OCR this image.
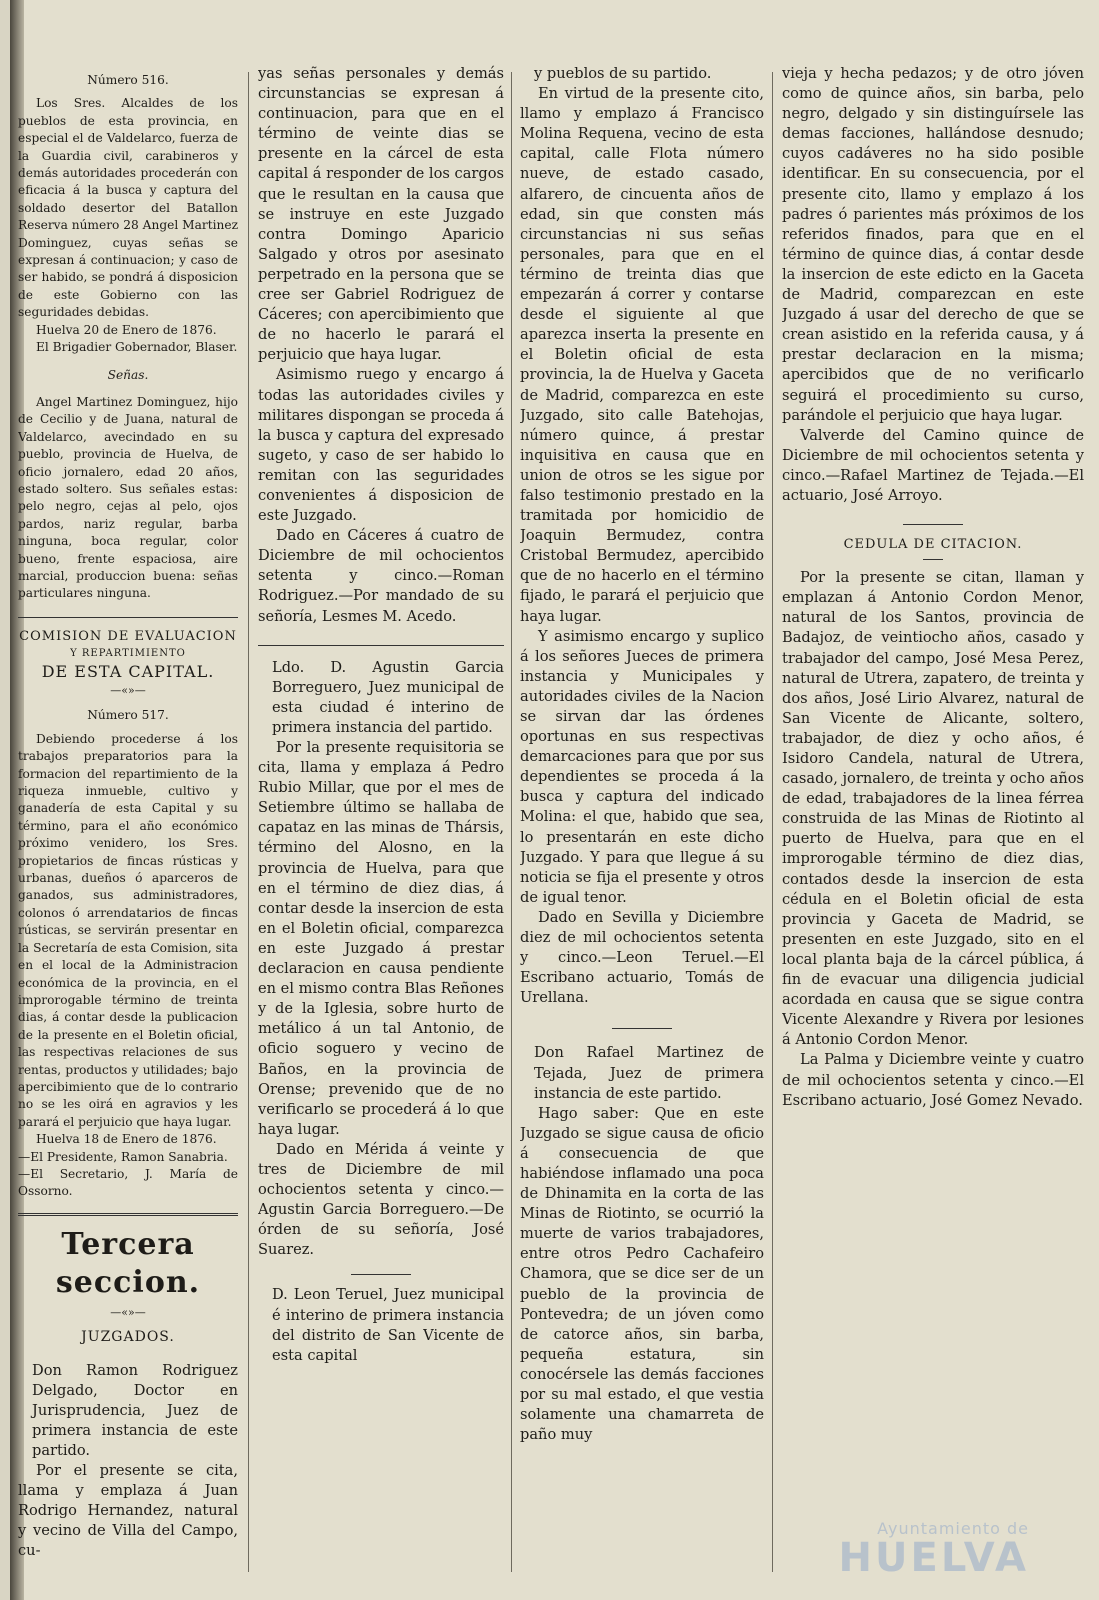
Número 516.

Los Sres. Alcaldes de los pueblos de esta provincia, en especial el de Valdelarco, fuerza de la Guardia civil, carabineros y demás autoridades procederán con eficacia á la busca y captura del soldado desertor del Batallon Reserva número 28 Angel Martinez Dominguez, cuyas señas se expresan á continuacion; y caso de ser habido, se pondrá á disposicion de este Gobierno con las seguridades debidas.

Huelva 20 de Enero de 1876.

El Brigadier Gobernador, Blaser.

Señas.

Angel Martinez Dominguez, hijo de Cecilio y de Juana, natural de Valdelarco, avecindado en su pueblo, provincia de Huelva, de oficio jornalero, edad 20 años, estado soltero. Sus señales estas: pelo negro, cejas al pelo, ojos pardos, nariz regular, barba ninguna, boca regular, color bueno, frente espaciosa, aire marcial, produccion buena: señas particulares ninguna.

COMISION DE EVALUACION

Y REPARTIMIENTO

DE ESTA CAPITAL.

—«»—

Número 517.

Debiendo procederse á los trabajos preparatorios para la formacion del repartimiento de la riqueza inmueble, cultivo y ganadería de esta Capital y su término, para el año económico próximo venidero, los Sres. propietarios de fincas rústicas y urbanas, dueños ó aparceros de ganados, sus administradores, colonos ó arrendatarios de fincas rústicas, se servirán presentar en la Secretaría de esta Comision, sita en el local de la Administracion económica de la provincia, en el improrogable término de treinta dias, á contar desde la publicacion de la presente en el Boletin oficial, las respectivas relaciones de sus rentas, productos y utilidades; bajo apercibimiento que de lo contrario no se les oirá en agravios y les parará el perjuicio que haya lugar.

Huelva 18 de Enero de 1876.

—El Presidente, Ramon Sanabria.

—El Secretario, J. María de Ossorno.

Tercera seccion.

—«»—

JUZGADOS.

Don Ramon Rodriguez Delgado, Doctor en Jurisprudencia, Juez de primera instancia de este partido.

Por el presente se cita, llama y emplaza á Juan Rodrigo Hernandez, natural y vecino de Villa del Campo, cu-

yas señas personales y demás circunstancias se expresan á continuacion, para que en el término de veinte dias se presente en la cárcel de esta capital á responder de los cargos que le resultan en la causa que se instruye en este Juzgado contra Domingo Aparicio Salgado y otros por asesinato perpetrado en la persona que se cree ser Gabriel Rodriguez de Cáceres; con apercibimiento que de no hacerlo le parará el perjuicio que haya lugar.

Asimismo ruego y encargo á todas las autoridades civiles y militares dispongan se proceda á la busca y captura del expresado sugeto, y caso de ser habido lo remitan con las seguridades convenientes á disposicion de este Juzgado.

Dado en Cáceres á cuatro de Diciembre de mil ochocientos setenta y cinco.—Roman Rodriguez.—Por mandado de su señoría, Lesmes M. Acedo.

Ldo. D. Agustin Garcia Borreguero, Juez municipal de esta ciudad é interino de primera instancia del partido.

Por la presente requisitoria se cita, llama y emplaza á Pedro Rubio Millar, que por el mes de Setiembre último se hallaba de capataz en las minas de Thársis, término del Alosno, en la provincia de Huelva, para que en el término de diez dias, á contar desde la insercion de esta en el Boletin oficial, comparezca en este Juzgado á prestar declaracion en causa pendiente en el mismo contra Blas Reñones y de la Iglesia, sobre hurto de metálico á un tal Antonio, de oficio soguero y vecino de Baños, en la provincia de Orense; prevenido que de no verificarlo se procederá á lo que haya lugar.

Dado en Mérida á veinte y tres de Diciembre de mil ochocientos setenta y cinco.—Agustin Garcia Borreguero.—De órden de su señoría, José Suarez.

D. Leon Teruel, Juez municipal é interino de primera instancia del distrito de San Vicente de esta capital

y pueblos de su partido.

En virtud de la presente cito, llamo y emplazo á Francisco Molina Requena, vecino de esta capital, calle Flota número nueve, de estado casado, alfarero, de cincuenta años de edad, sin que consten más circunstancias ni sus señas personales, para que en el término de treinta dias que empezarán á correr y contarse desde el siguiente al que aparezca inserta la presente en el Boletin oficial de esta provincia, la de Huelva y Gaceta de Madrid, comparezca en este Juzgado, sito calle Batehojas, número quince, á prestar inquisitiva en causa que en union de otros se les sigue por falso testimonio prestado en la tramitada por homicidio de Joaquin Bermudez, contra Cristobal Bermudez, apercibido que de no hacerlo en el término fijado, le parará el perjuicio que haya lugar.

Y asimismo encargo y suplico á los señores Jueces de primera instancia y Municipales y autoridades civiles de la Nacion se sirvan dar las órdenes oportunas en sus respectivas demarcaciones para que por sus dependientes se proceda á la busca y captura del indicado Molina: el que, habido que sea, lo presentarán en este dicho Juzgado. Y para que llegue á su noticia se fija el presente y otros de igual tenor.

Dado en Sevilla y Diciembre diez de mil ochocientos setenta y cinco.—Leon Teruel.—El Escribano actuario, Tomás de Urellana.

Don Rafael Martinez de Tejada, Juez de primera instancia de este partido.

Hago saber: Que en este Juzgado se sigue causa de oficio á consecuencia de que habiéndose inflamado una poca de Dhinamita en la corta de las Minas de Riotinto, se ocurrió la muerte de varios trabajadores, entre otros Pedro Cachafeiro Chamora, que se dice ser de un pueblo de la provincia de Pontevedra; de un jóven como de catorce años, sin barba, pequeña estatura, sin conocérsele las demás facciones por su mal estado, el que vestia solamente una chamarreta de paño muy

vieja y hecha pedazos; y de otro jóven como de quince años, sin barba, pelo negro, delgado y sin distinguírsele las demas facciones, hallándose desnudo; cuyos cadáveres no ha sido posible identificar. En su consecuencia, por el presente cito, llamo y emplazo á los padres ó parientes más próximos de los referidos finados, para que en el término de quince dias, á contar desde la insercion de este edicto en la Gaceta de Madrid, comparezcan en este Juzgado á usar del derecho de que se crean asistido en la referida causa, y á prestar declaracion en la misma; apercibidos que de no verificarlo seguirá el procedimiento su curso, parándole el perjuicio que haya lugar.

Valverde del Camino quince de Diciembre de mil ochocientos setenta y cinco.—Rafael Martinez de Tejada.—El actuario, José Arroyo.

CEDULA DE CITACION.

Por la presente se citan, llaman y emplazan á Antonio Cordon Menor, natural de los Santos, provincia de Badajoz, de veintiocho años, casado y trabajador del campo, José Mesa Perez, natural de Utrera, zapatero, de treinta y dos años, José Lirio Alvarez, natural de San Vicente de Alicante, soltero, trabajador, de diez y ocho años, é Isidoro Candela, natural de Utrera, casado, jornalero, de treinta y ocho años de edad, trabajadores de la linea férrea construida de las Minas de Riotinto al puerto de Huelva, para que en el improrogable término de diez dias, contados desde la insercion de esta cédula en el Boletin oficial de esta provincia y Gaceta de Madrid, se presenten en este Juzgado, sito en el local planta baja de la cárcel pública, á fin de evacuar una diligencia judicial acordada en causa que se sigue contra Vicente Alexandre y Rivera por lesiones á Antonio Cordon Menor.

La Palma y Diciembre veinte y cuatro de mil ochocientos setenta y cinco.—El Escribano actuario, José Gomez Nevado.

Ayuntamiento de
HUELVA
